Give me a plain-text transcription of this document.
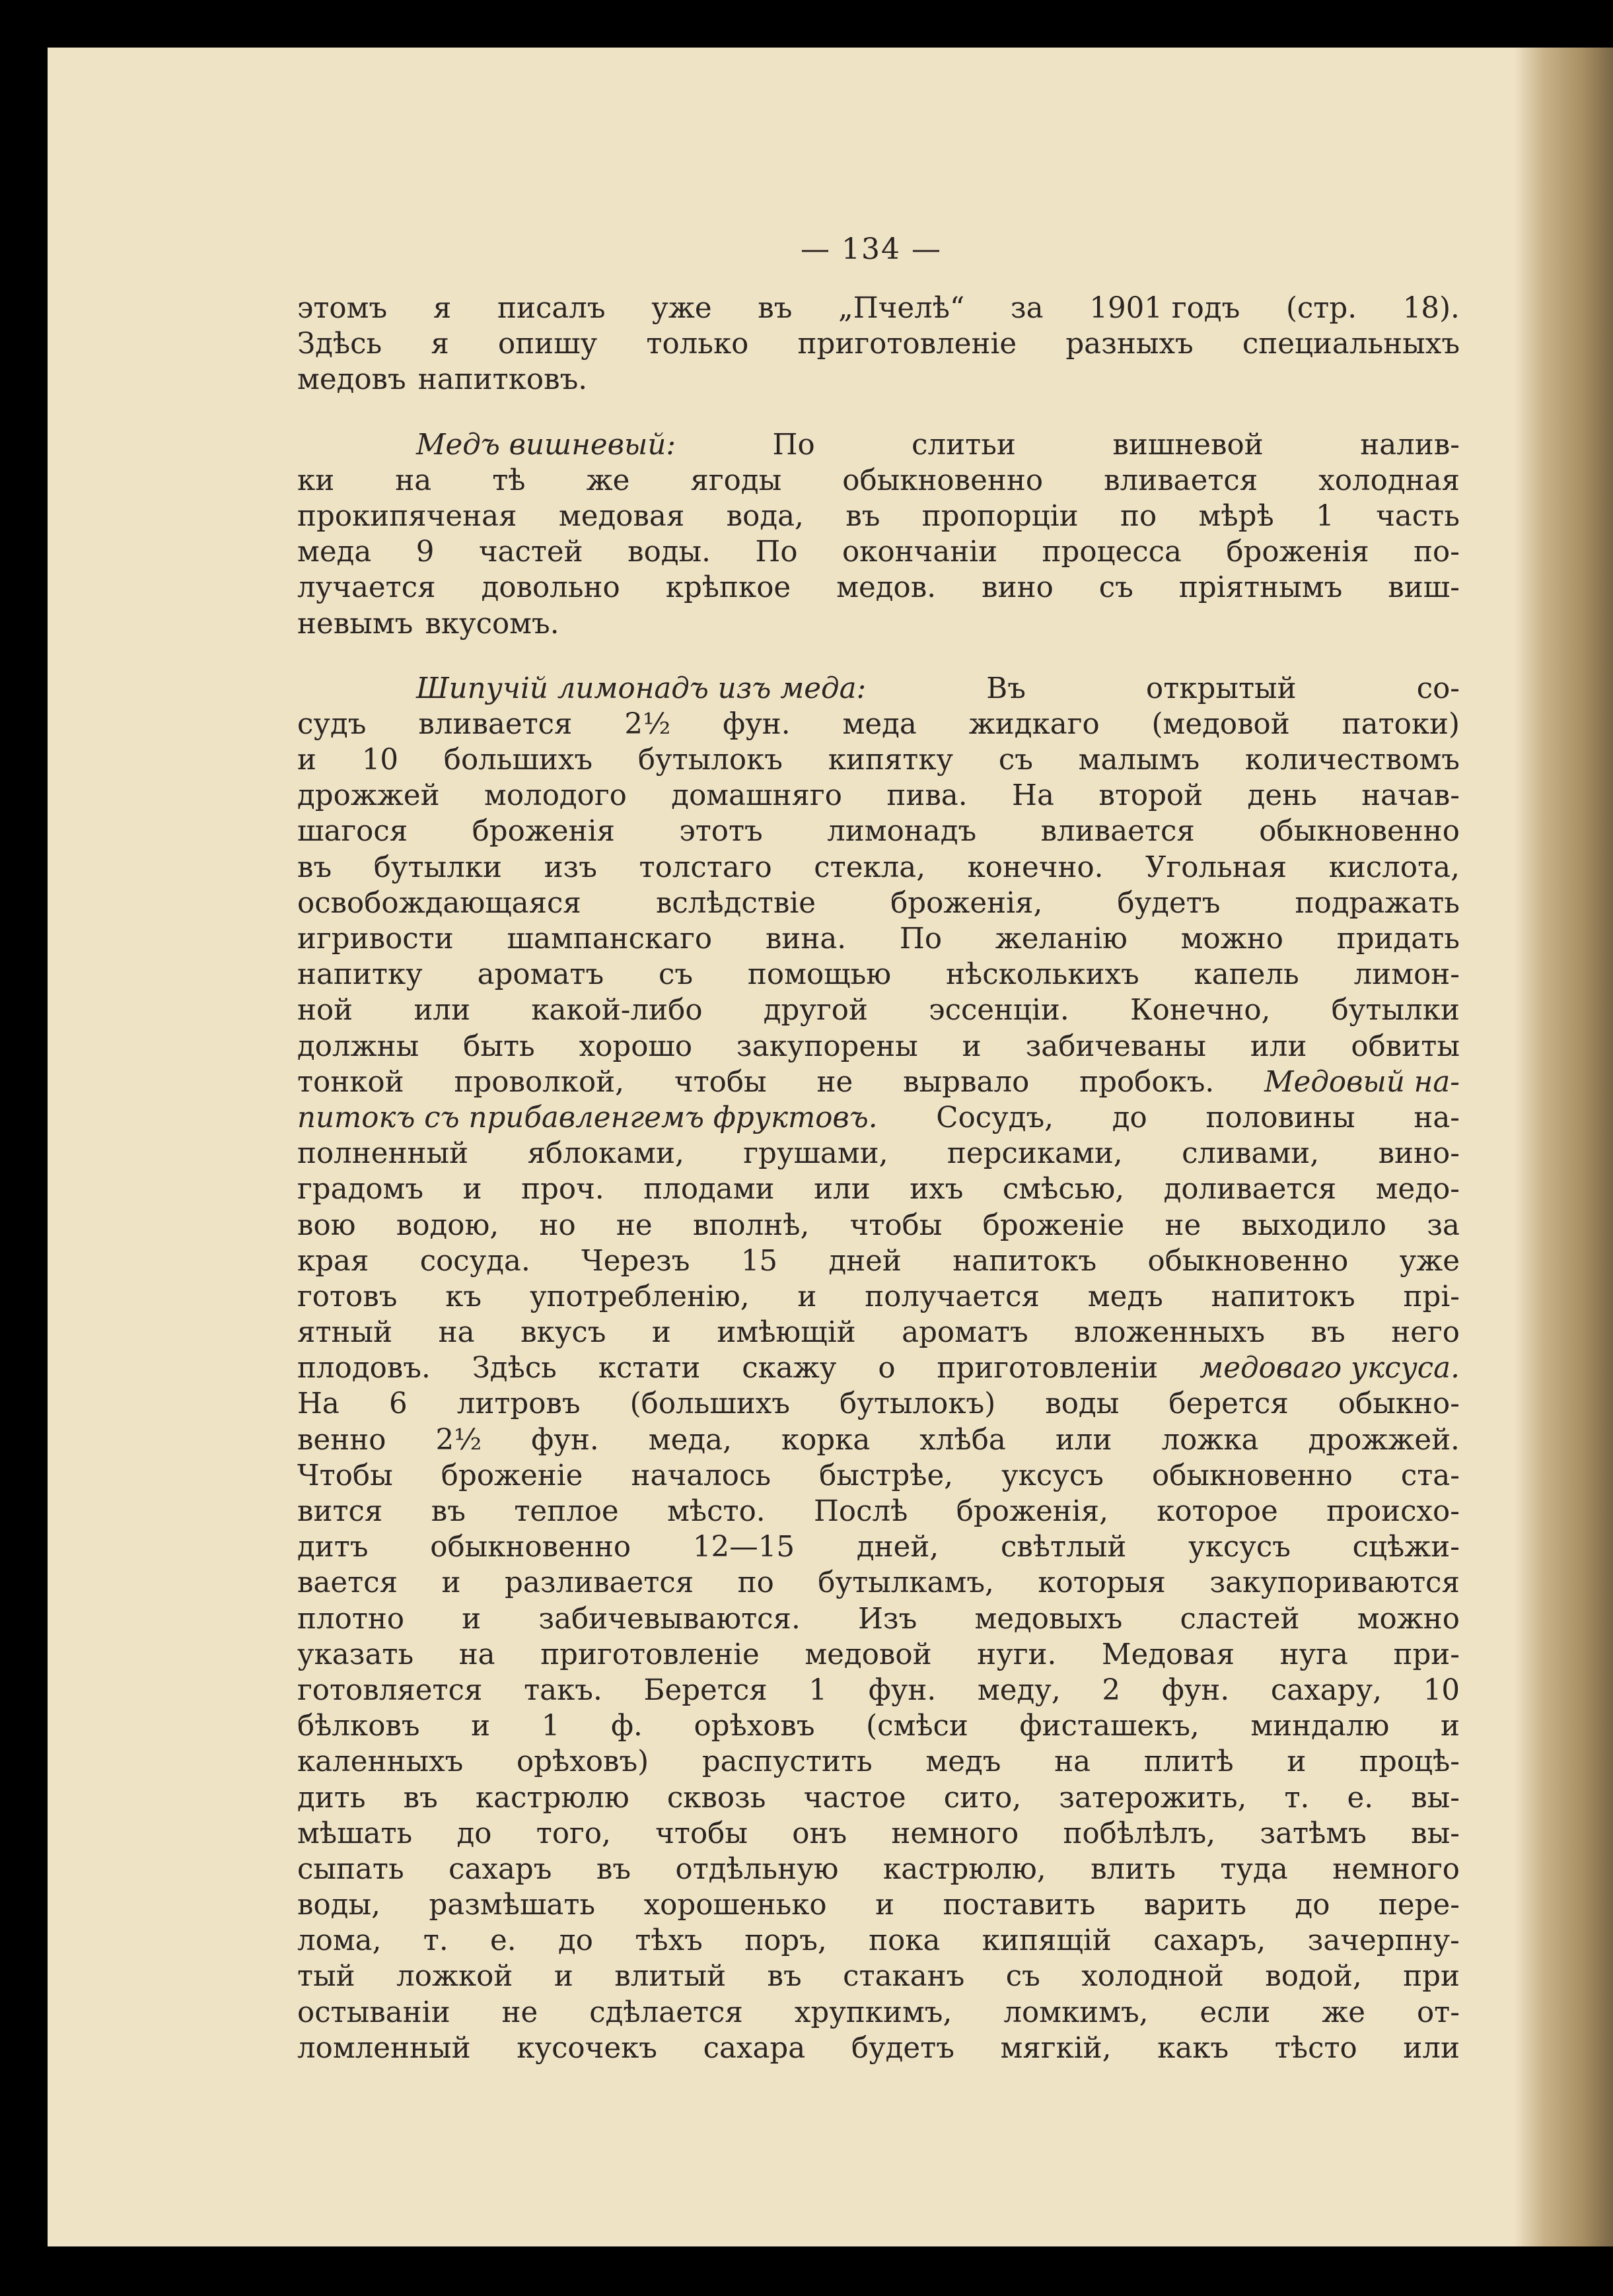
— 134 —
этомъ я писалъ уже въ „Пчелѣ“ за 1901 годъ (стр. 18).
Здѣсь я опишу только приготовленіе разныхъ специальныхъ
медовъ напитковъ.
Медъ вишневый:	По	слитьи	вишневой	налив-
ки на тѣ же ягоды обыкновенно вливается холодная
прокипяченая медовая вода, въ пропорціи по мѣрѣ 1 часть
меда 9 частей воды. По окончаніи процесса броженія по-
лучается довольно крѣпкое медов. вино съ пріятнымъ виш-
невымъ вкусомъ.
Шипучій лимонадъ изъ меда:	Въ	открытый	со-
судъ вливается 2½ фун. меда жидкаго (медовой патоки)
и 10 большихъ бутылокъ кипятку съ малымъ количествомъ
дрожжей молодого домашняго пива. На второй день начав-
шагося броженія этотъ лимонадъ вливается обыкновенно
въ бутылки изъ толстаго стекла, конечно. Угольная кислота,
освобождающаяся	вслѣдствіе	броженія,	будетъ	подражать
игривости шампанскаго вина. По желанію можно придать
напитку ароматъ съ помощью нѣсколькихъ капель лимон-
ной или какой-либо другой эссенціи. Конечно, бутылки
должны быть хорошо закупорены и забичеваны или обвиты
тонкой проволкой, чтобы не вырвало пробокъ. Медовый на-
питокъ съ прибавленгемъ фруктовъ. Сосудъ, до половины на-
полненный яблоками, грушами, персиками, сливами, вино-
градомъ и проч. плодами или ихъ смѣсью, доливается медо-
вою водою, но не вполнѣ, чтобы броженіе не выходило за
края сосуда. Черезъ 15 дней напитокъ обыкновенно уже
готовъ къ употребленію, и получается медъ напитокъ прі-
ятный на вкусъ и имѣющій ароматъ вложенныхъ въ него
плодовъ. Здѣсь кстати скажу о приготовленіи медоваго уксуса.
На 6 литровъ (большихъ бутылокъ) воды берется обыкно-
венно 2½ фун. меда, корка хлѣба или ложка дрожжей.
Чтобы броженіе началось быстрѣе, уксусъ обыкновенно ста-
вится въ теплое мѣсто. Послѣ броженія, которое происхо-
дитъ обыкновенно 12—15 дней, свѣтлый уксусъ сцѣжи-
вается и разливается по бутылкамъ, которыя закупориваются
плотно и забичевываются. Изъ медовыхъ сластей можно
указать на приготовленіе медовой нуги. Медовая нуга при-
готовляется такъ. Берется 1 фун. меду, 2 фун. сахару, 10
бѣлковъ и 1 ф. орѣховъ (смѣси фисташекъ, миндалю и
каленныхъ орѣховъ) распустить медъ на плитѣ и процѣ-
дить въ кастрюлю сквозь частое сито, затерожить, т. е. вы-
мѣшать до того, чтобы онъ немного побѣлѣлъ, затѣмъ вы-
сыпать сахаръ въ отдѣльную кастрюлю, влить туда немного
воды, размѣшать хорошенько и поставить варить до пере-
лома, т. е. до тѣхъ поръ, пока кипящій сахаръ, зачерпну-
тый ложкой и влитый въ стаканъ съ холодной водой, при
остываніи не сдѣлается хрупкимъ, ломкимъ, если же от-
ломленный кусочекъ сахара будетъ мягкій, какъ тѣсто или
